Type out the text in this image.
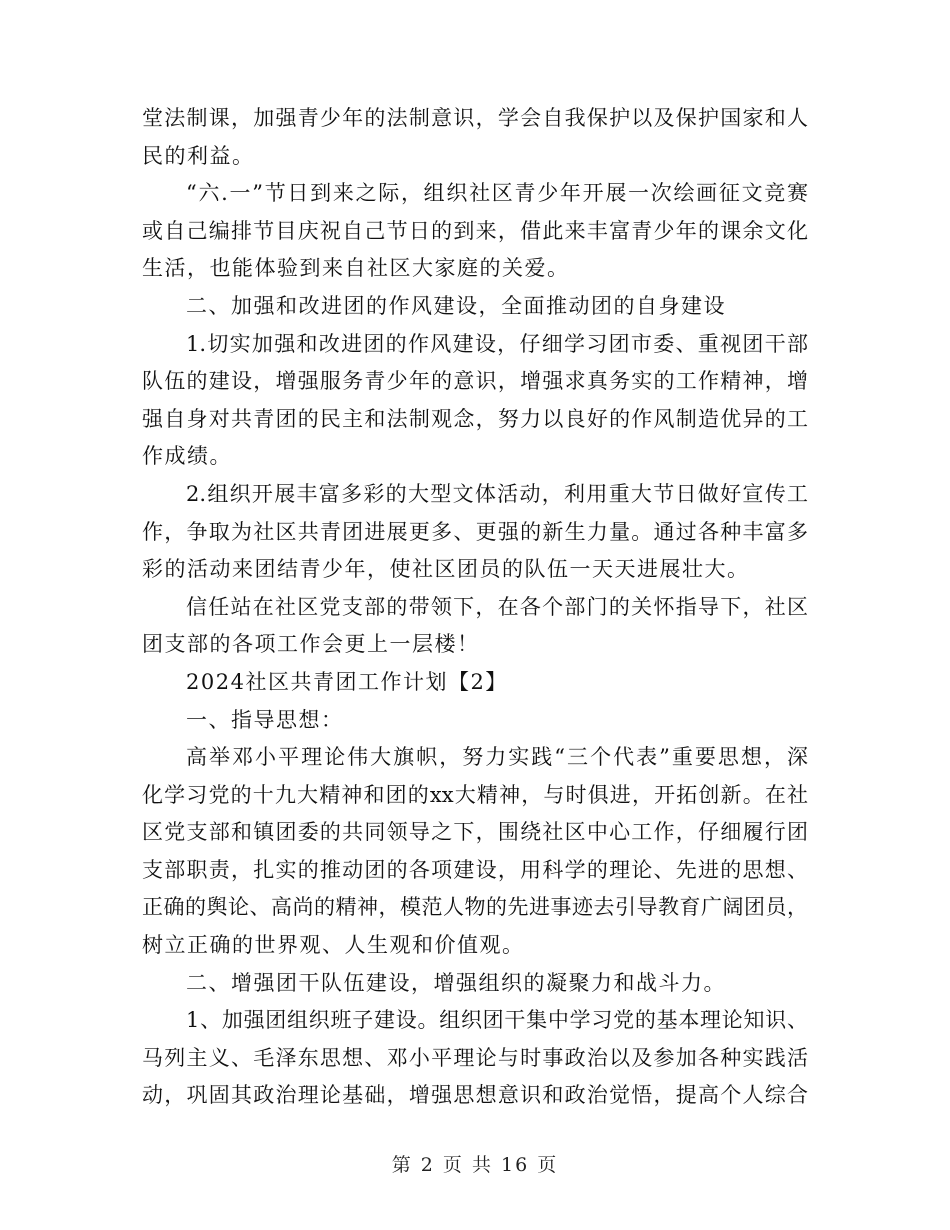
堂法制课，加强青少年的法制意识，学会自我保护以及保护国家和人
民的利益。
“六.一”节日到来之际，组织社区青少年开展一次绘画征文竞赛
或自己编排节目庆祝自己节日的到来，借此来丰富青少年的课余文化
生活，也能体验到来自社区大家庭的关爱。
二、加强和改进团的作风建设，全面推动团的自身建设
1.切实加强和改进团的作风建设，仔细学习团市委、重视团干部
队伍的建设，增强服务青少年的意识，增强求真务实的工作精神，增
强自身对共青团的民主和法制观念，努力以良好的作风制造优异的工
作成绩。
2.组织开展丰富多彩的大型文体活动，利用重大节日做好宣传工
作，争取为社区共青团进展更多、更强的新生力量。通过各种丰富多
彩的活动来团结青少年，使社区团员的队伍一天天进展壮大。
信任站在社区党支部的带领下，在各个部门的关怀指导下，社区
团支部的各项工作会更上一层楼！
2024社区共青团工作计划【2】
一、指导思想：
高举邓小平理论伟大旗帜，努力实践“三个代表”重要思想，深
化学习党的十九大精神和团的xx大精神，与时俱进，开拓创新。在社
区党支部和镇团委的共同领导之下，围绕社区中心工作，仔细履行团
支部职责，扎实的推动团的各项建设，用科学的理论、先进的思想、
正确的舆论、高尚的精神，模范人物的先进事迹去引导教育广阔团员，
树立正确的世界观、人生观和价值观。
二、增强团干队伍建设，增强组织的凝聚力和战斗力。
1、加强团组织班子建设。组织团干集中学习党的基本理论知识、
马列主义、毛泽东思想、邓小平理论与时事政治以及参加各种实践活
动，巩固其政治理论基础，增强思想意识和政治觉悟，提高个人综合
第 2 页 共 16 页
